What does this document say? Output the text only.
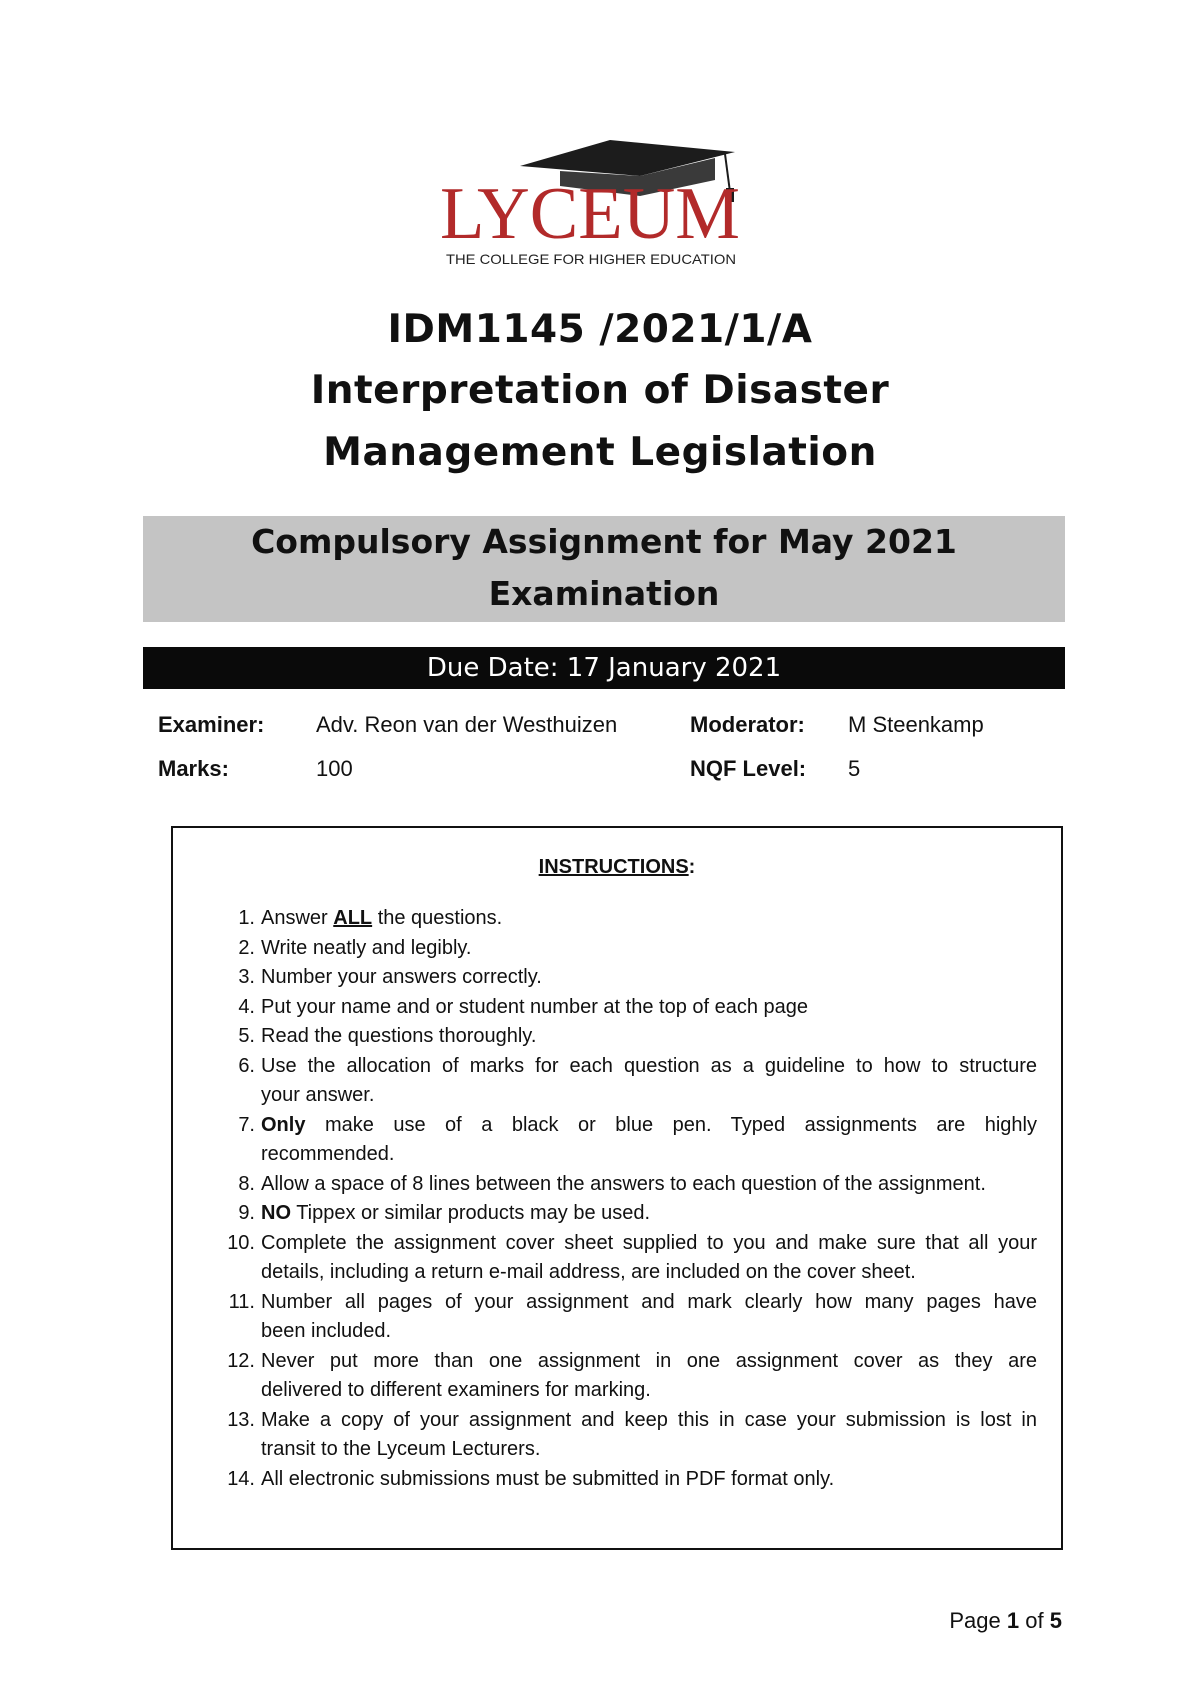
LYCEUM
THE COLLEGE FOR HIGHER EDUCATION
IDM1145 /2021/1/A
Interpretation of Disaster
Management Legislation
Compulsory Assignment for May 2021
Examination
Due Date: 17 January 2021
Examiner: Adv. Reon van der Westhuizen	Moderator: M Steenkamp
Marks:	100	NQF Level: 5
INSTRUCTIONS:
1. Answer ALL the questions.
2. Write neatly and legibly.
3. Number your answers correctly.
4. Put your name and or student number at the top of each page
5. Read the questions thoroughly.
6. Use the allocation of marks for each question as a guideline to how to structure
your answer.
7. Only make use of a black or blue pen. Typed assignments are highly
recommended.
8. Allow a space of 8 lines between the answers to each question of the assignment.
9. NO Tippex or similar products may be used.
10. Complete the assignment cover sheet supplied to you and make sure that all your
details, including a return e-mail address, are included on the cover sheet.
11. Number all pages of your assignment and mark clearly how many pages have
been included.
12. Never put more than one assignment in one assignment cover as they are
delivered to different examiners for marking.
13. Make a copy of your assignment and keep this in case your submission is lost in
transit to the Lyceum Lecturers.
14. All electronic submissions must be submitted in PDF format only.
Page 1 of 5
